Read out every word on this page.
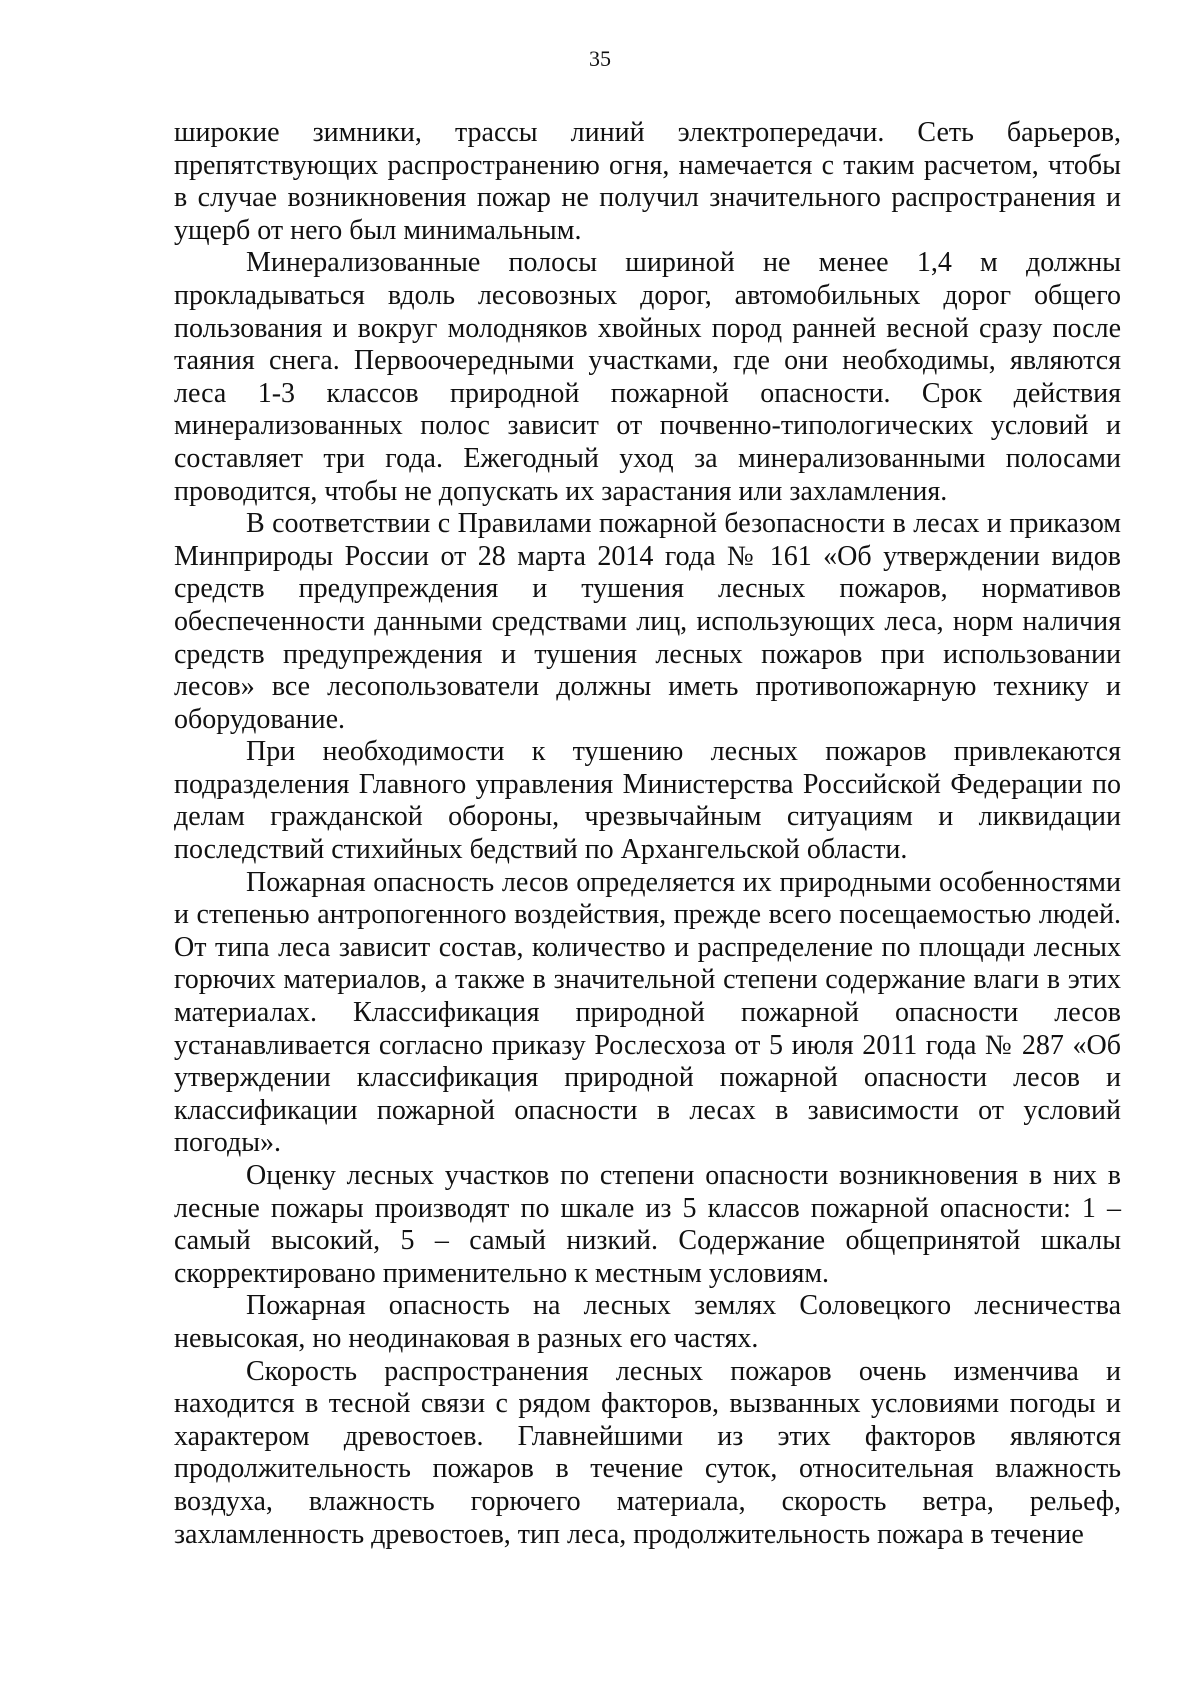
35

широкие зимники, трассы линий электропередачи. Сеть барьеров, препятствующих распространению огня, намечается с таким расчетом, чтобы в случае возникновения пожар не получил значительного распространения и ущерб от него был минимальным.

Минерализованные полосы шириной не менее 1,4 м должны прокладываться вдоль лесовозных дорог, автомобильных дорог общего пользования и вокруг молодняков хвойных пород ранней весной сразу после таяния снега. Первоочередными участками, где они необходимы, являются леса 1-3 классов природной пожарной опасности. Срок действия минерализованных полос зависит от почвенно-типологических условий и составляет три года. Ежегодный уход за минерализованными полосами проводится, чтобы не допускать их зарастания или захламления.

В соответствии с Правилами пожарной безопасности в лесах и приказом Минприроды России от 28 марта 2014 года № 161 «Об утверждении видов средств предупреждения и тушения лесных пожаров, нормативов обеспеченности данными средствами лиц, использующих леса, норм наличия средств предупреждения и тушения лесных пожаров при использовании лесов» все лесопользователи должны иметь противопожарную технику и оборудование.

При необходимости к тушению лесных пожаров привлекаются подразделения Главного управления Министерства Российской Федерации по делам гражданской обороны, чрезвычайным ситуациям и ликвидации последствий стихийных бедствий по Архангельской области.

Пожарная опасность лесов определяется их природными особенностями и степенью антропогенного воздействия, прежде всего посещаемостью людей. От типа леса зависит состав, количество и распределение по площади лесных горючих материалов, а также в значительной степени содержание влаги в этих материалах. Классификация природной пожарной опасности лесов устанавливается согласно приказу Рослесхоза от 5 июля 2011 года № 287 «Об утверждении классификация природной пожарной опасности лесов и классификации пожарной опасности в лесах в зависимости от условий погоды».

Оценку лесных участков по степени опасности возникновения в них в лесные пожары производят по шкале из 5 классов пожарной опасности: 1 – самый высокий, 5 – самый низкий. Содержание общепринятой шкалы скорректировано применительно к местным условиям.

Пожарная опасность на лесных землях Соловецкого лесничества невысокая, но неодинаковая в разных его частях.

Скорость распространения лесных пожаров очень изменчива и находится в тесной связи с рядом факторов, вызванных условиями погоды и характером древостоев. Главнейшими из этих факторов являются продолжительность пожаров в течение суток, относительная влажность воздуха, влажность горючего материала, скорость ветра, рельеф, захламленность древостоев, тип леса, продолжительность пожара в течение
